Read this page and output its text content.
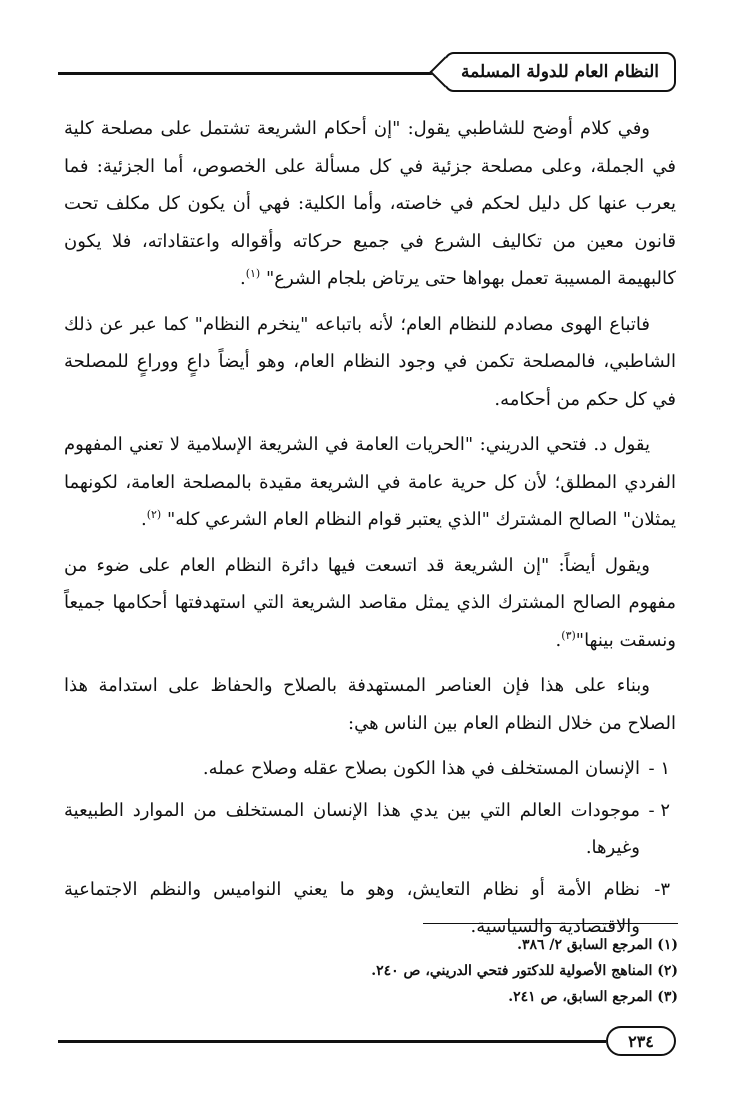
النظام العام للدولة المسلمة

وفي كلام أوضح للشاطبي يقول: "إن أحكام الشريعة تشتمل على مصلحة كلية في الجملة، وعلى مصلحة جزئية في كل مسألة على الخصوص، أما الجزئية: فما يعرب عنها كل دليل لحكم في خاصته، وأما الكلية: فهي أن يكون كل مكلف تحت قانون معين من تكاليف الشرع في جميع حركاته وأقواله واعتقاداته، فلا يكون كالبهيمة المسيبة تعمل بهواها حتى يرتاض بلجام الشرع" $^{(١)}$.

فاتباع الهوى مصادم للنظام العام؛ لأنه باتباعه "ينخرم النظام" كما عبر عن ذلك الشاطبي، فالمصلحة تكمن في وجود النظام العام، وهو أيضاً داعٍ ووراعٍ للمصلحة في كل حكم من أحكامه.

يقول د. فتحي الدريني: "الحريات العامة في الشريعة الإسلامية لا تعني المفهوم الفردي المطلق؛ لأن كل حرية عامة في الشريعة مقيدة بالمصلحة العامة، لكونهما يمثلان" الصالح المشترك "الذي يعتبر قوام النظام العام الشرعي كله" $^{(٢)}$.

ويقول أيضاً: "إن الشريعة قد اتسعت فيها دائرة النظام العام على ضوء من مفهوم الصالح المشترك الذي يمثل مقاصد الشريعة التي استهدفتها أحكامها جميعاً ونسقت بينها"$^{(٣)}$.

وبناء على هذا فإن العناصر المستهدفة بالصلاح والحفاظ على استدامة هذا الصلاح من خلال النظام العام بين الناس هي:

١ -
الإنسان المستخلف في هذا الكون بصلاح عقله وصلاح عمله.
٢ -
موجودات العالم التي بين يدي هذا الإنسان المستخلف من الموارد الطبيعية وغيرها.
٣-
نظام الأمة أو نظام التعايش، وهو ما يعني النواميس والنظم الاجتماعية والاقتصادية والسياسية.
(١) المرجع السابق ٢/ ٣٨٦.
(٢) المناهج الأصولية للدكتور فتحي الدريني، ص ٢٤٠.
(٣) المرجع السابق، ص ٢٤١.
٢٣٤
